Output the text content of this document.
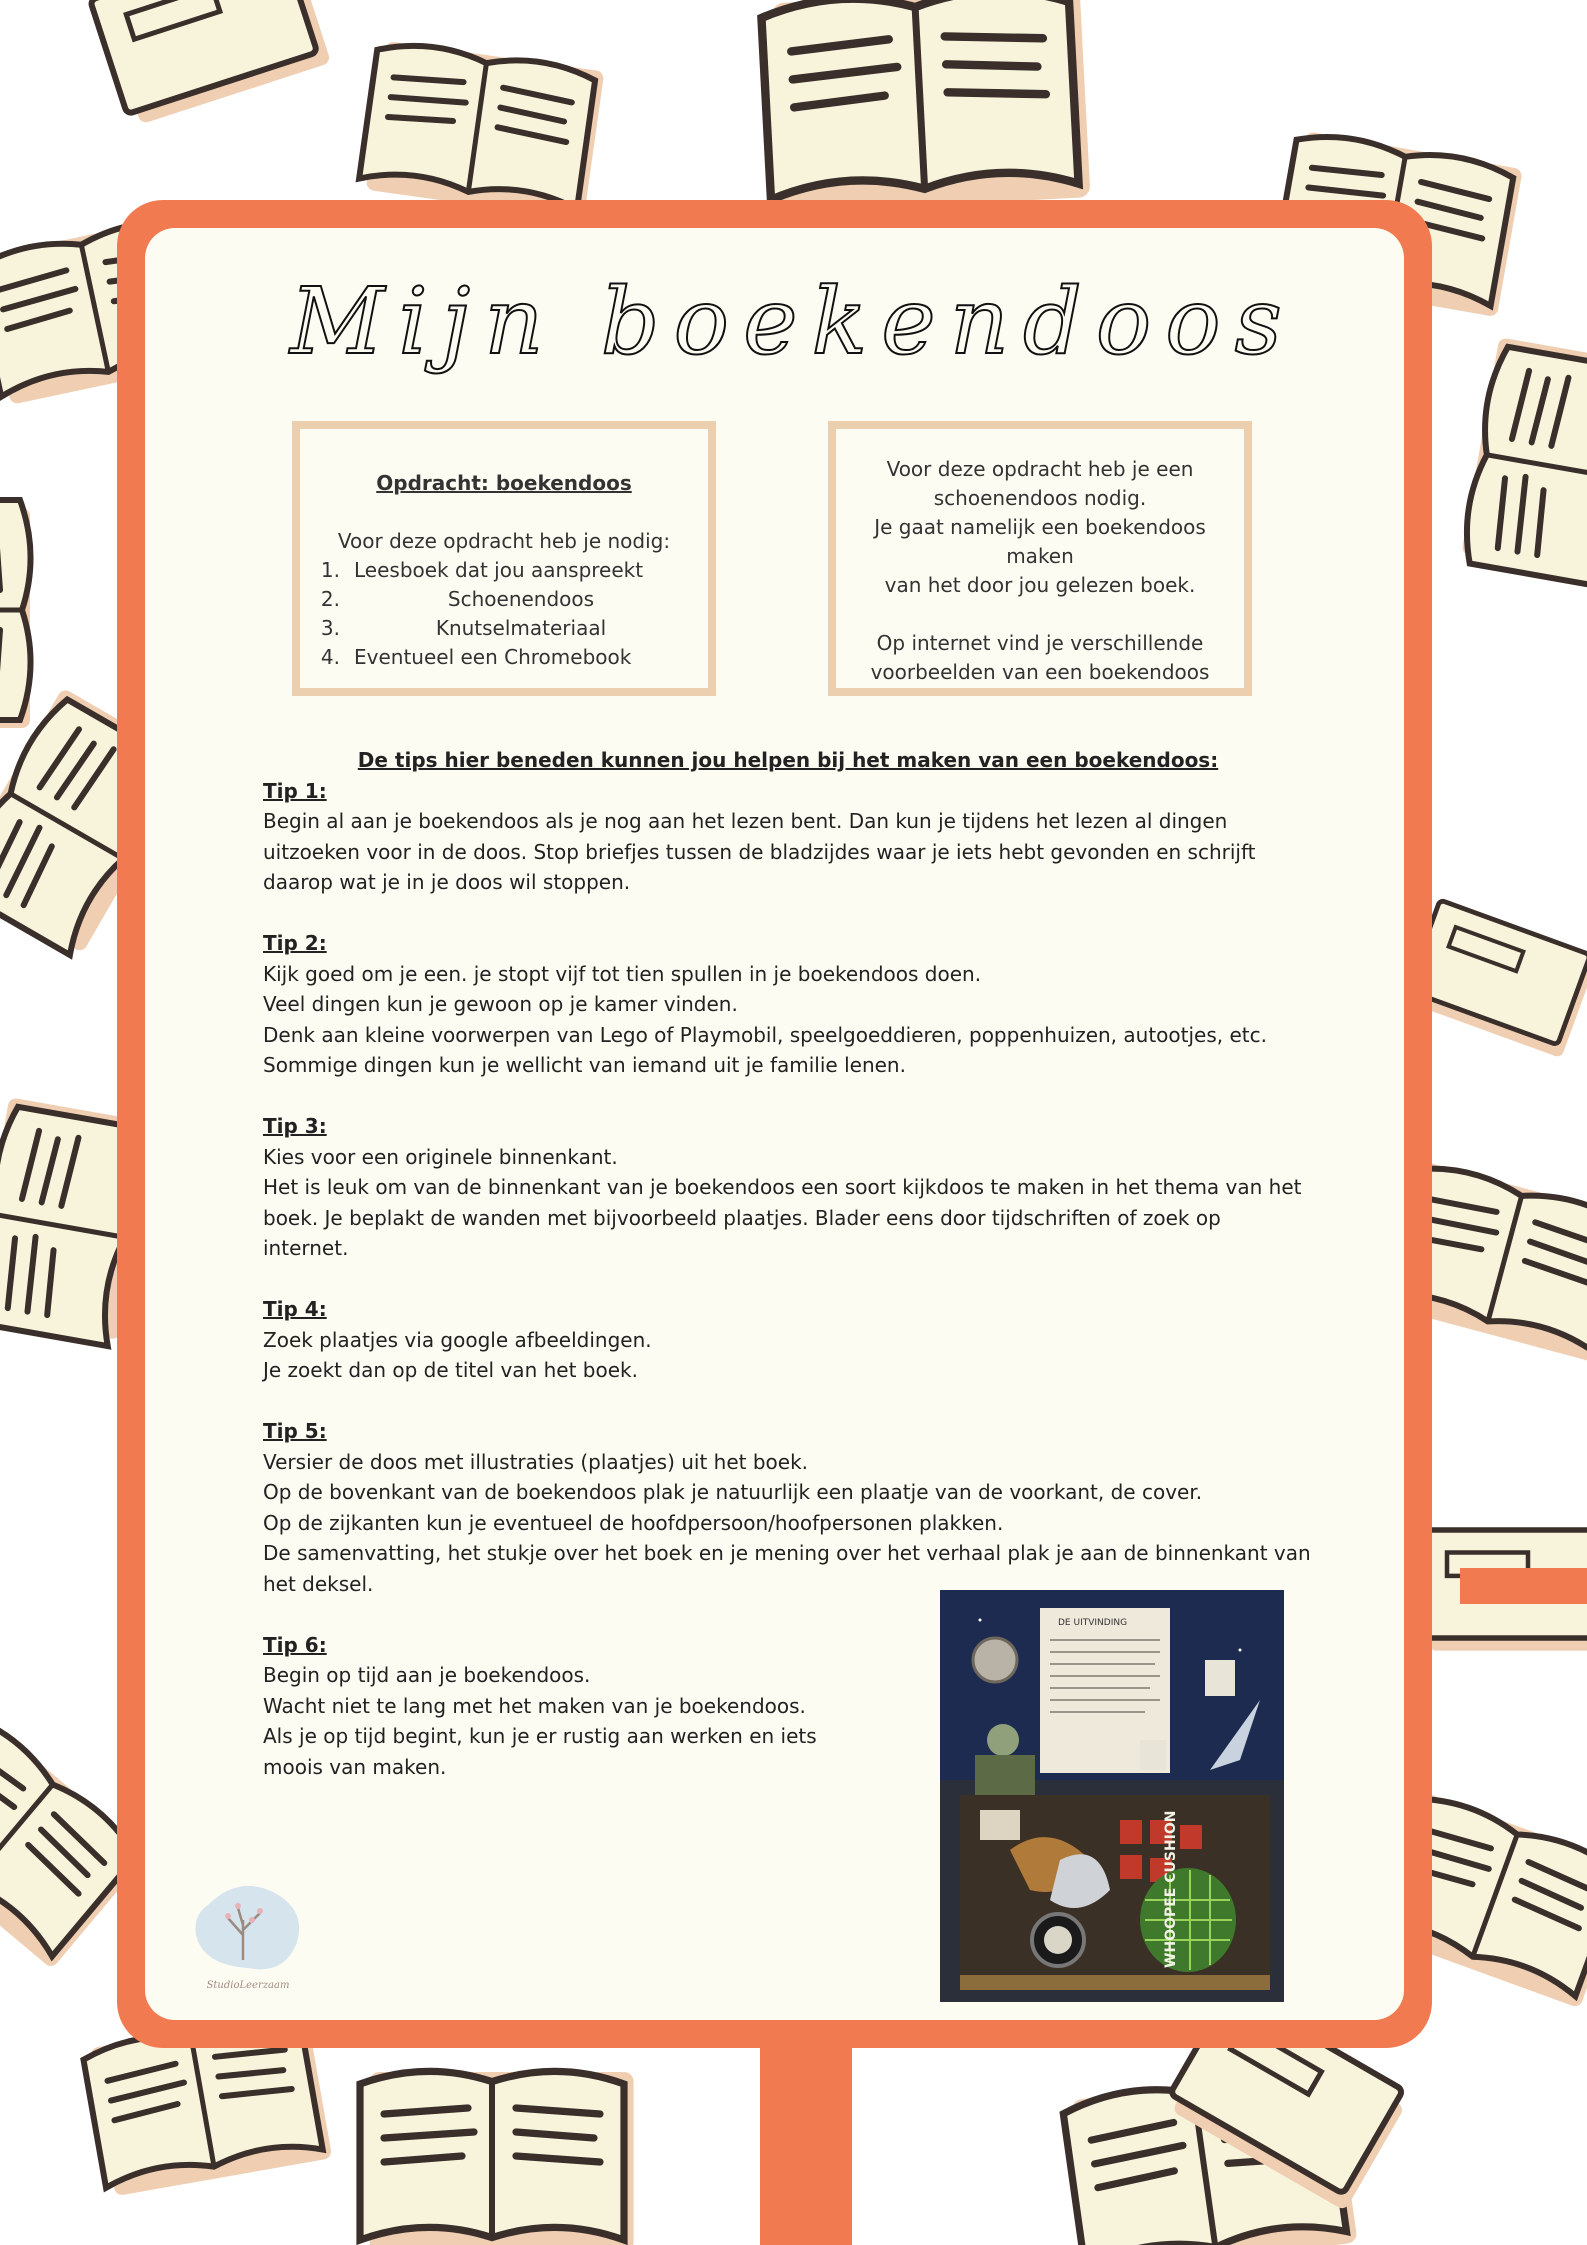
Mijn boekendoos
Opdracht: boekendoos
Voor deze opdracht heb je nodig:
1. Leesboek dat jou aanspreekt
2.	Schoenendoos
3.	Knutselmateriaal
4. Eventueel een Chromebook
Voor deze opdracht heb je een
schoenendoos nodig.
Je gaat namelijk een boekendoos maken
van het door jou gelezen boek.
Op internet vind je verschillende
voorbeelden van een boekendoos
De tips hier beneden kunnen jou helpen bij het maken van een boekendoos:
Tip 1:
Begin al aan je boekendoos als je nog aan het lezen bent. Dan kun je tijdens het lezen al dingen
uitzoeken voor in de doos. Stop briefjes tussen de bladzijdes waar je iets hebt gevonden en schrijft
daarop wat je in je doos wil stoppen.
Tip 2:
Kijk goed om je een. je stopt vijf tot tien spullen in je boekendoos doen.
Veel dingen kun je gewoon op je kamer vinden.
Denk aan kleine voorwerpen van Lego of Playmobil, speelgoeddieren, poppenhuizen, autootjes, etc.
Sommige dingen kun je wellicht van iemand uit je familie lenen.
Tip 3:
Kies voor een originele binnenkant.
Het is leuk om van de binnenkant van je boekendoos een soort kijkdoos te maken in het thema van het
boek. Je beplakt de wanden met bijvoorbeeld plaatjes. Blader eens door tijdschriften of zoek op
internet.
Tip 4:
Zoek plaatjes via google afbeeldingen.
Je zoekt dan op de titel van het boek.
Tip 5:
Versier de doos met illustraties (plaatjes) uit het boek.
Op de bovenkant van de boekendoos plak je natuurlijk een plaatje van de voorkant, de cover.
Op de zijkanten kun je eventueel de hoofdpersoon/hoofpersonen plakken.
De samenvatting, het stukje over het boek en je mening over het verhaal plak je aan de binnenkant van
het deksel.
Tip 6:
Begin op tijd aan je boekendoos.
Wacht niet te lang met het maken van je boekendoos.
Als je op tijd begint, kun je er rustig aan werken en iets
moois van maken.
DE UITVINDING
WHOOPEE CUSHION
StudioLeerzaam
